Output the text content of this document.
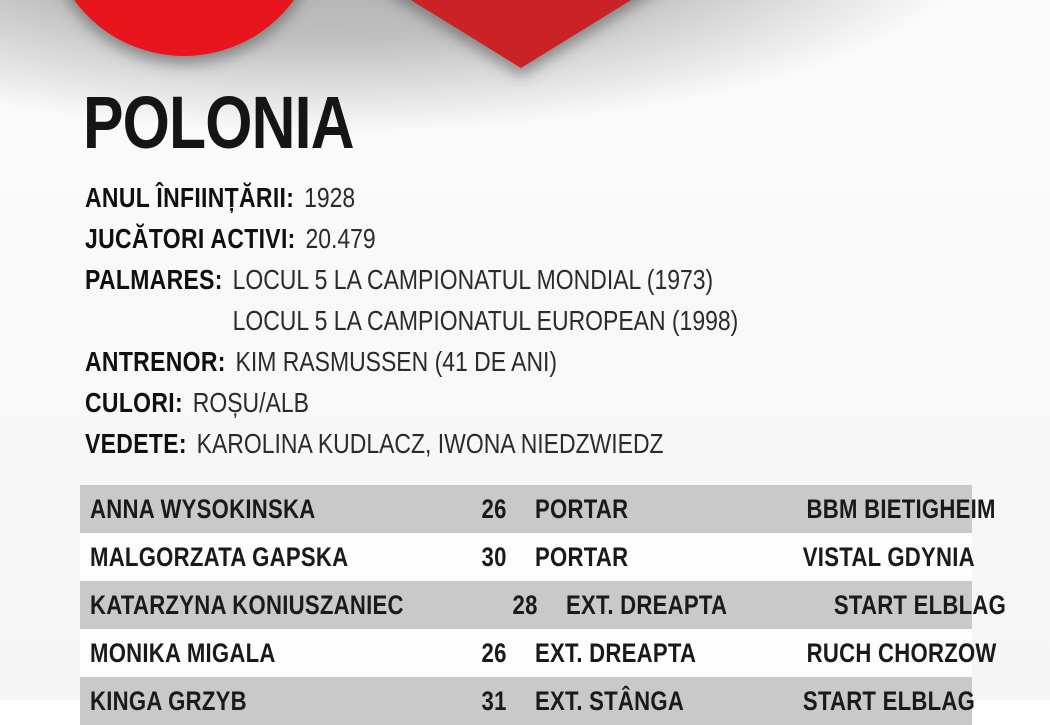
POLONIA
ANUL ÎNFIINȚĂRII: 1928
JUCĂTORI ACTIVI: 20.479
PALMARES: LOCUL 5 LA CAMPIONATUL MONDIAL (1973)
LOCUL 5 LA CAMPIONATUL EUROPEAN (1998)
ANTRENOR: KIM RASMUSSEN (41 DE ANI)
CULORI: ROȘU/ALB
VEDETE: KAROLINA KUDLACZ, IWONA NIEDZWIEDZ
ANNA WYSOKINSKA	26 PORTAR	BBM BIETIGHEIM
MALGORZATA GAPSKA	30 PORTAR	VISTAL GDYNIA
KATARZYNA KONIUSZANIEC	28 EXT. DREAPTA	START ELBLAG
MONIKA MIGALA	26 EXT. DREAPTA	RUCH CHORZOW
KINGA GRZYB	31 EXT. STÂNGA	START ELBLAG
